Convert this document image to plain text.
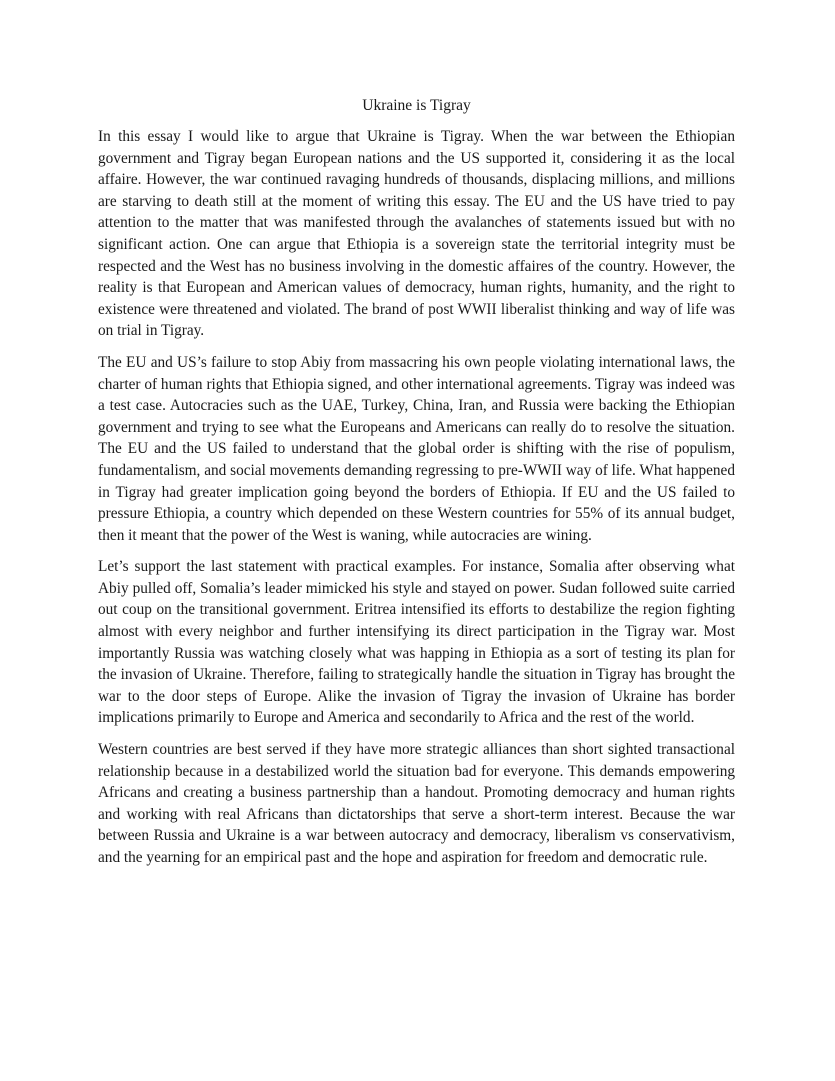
Ukraine is Tigray

In this essay I would like to argue that Ukraine is Tigray. When the war between the Ethiopian government and Tigray began European nations and the US supported it, considering it as the local affaire. However, the war continued ravaging hundreds of thousands, displacing millions, and millions are starving to death still at the moment of writing this essay. The EU and the US have tried to pay attention to the matter that was manifested through the avalanches of statements issued but with no significant action. One can argue that Ethiopia is a sovereign state the territorial integrity must be respected and the West has no business involving in the domestic affaires of the country. However, the reality is that European and American values of democracy, human rights, humanity, and the right to existence were threatened and violated. The brand of post WWII liberalist thinking and way of life was on trial in Tigray.

The EU and US’s failure to stop Abiy from massacring his own people violating international laws, the charter of human rights that Ethiopia signed, and other international agreements. Tigray was indeed was a test case. Autocracies such as the UAE, Turkey, China, Iran, and Russia were backing the Ethiopian government and trying to see what the Europeans and Americans can really do to resolve the situation. The EU and the US failed to understand that the global order is shifting with the rise of populism, fundamentalism, and social movements demanding regressing to pre-WWII way of life. What happened in Tigray had greater implication going beyond the borders of Ethiopia. If EU and the US failed to pressure Ethiopia, a country which depended on these Western countries for 55% of its annual budget, then it meant that the power of the West is waning, while autocracies are wining.

Let’s support the last statement with practical examples. For instance, Somalia after observing what Abiy pulled off, Somalia’s leader mimicked his style and stayed on power. Sudan followed suite carried out coup on the transitional government. Eritrea intensified its efforts to destabilize the region fighting almost with every neighbor and further intensifying its direct participation in the Tigray war. Most importantly Russia was watching closely what was happing in Ethiopia as a sort of testing its plan for the invasion of Ukraine. Therefore, failing to strategically handle the situation in Tigray has brought the war to the door steps of Europe. Alike the invasion of Tigray the invasion of Ukraine has border implications primarily to Europe and America and secondarily to Africa and the rest of the world.

Western countries are best served if they have more strategic alliances than short sighted transactional relationship because in a destabilized world the situation bad for everyone. This demands empowering Africans and creating a business partnership than a handout. Promoting democracy and human rights and working with real Africans than dictatorships that serve a short-term interest. Because the war between Russia and Ukraine is a war between autocracy and democracy, liberalism vs conservativism, and the yearning for an empirical past and the hope and aspiration for freedom and democratic rule.
